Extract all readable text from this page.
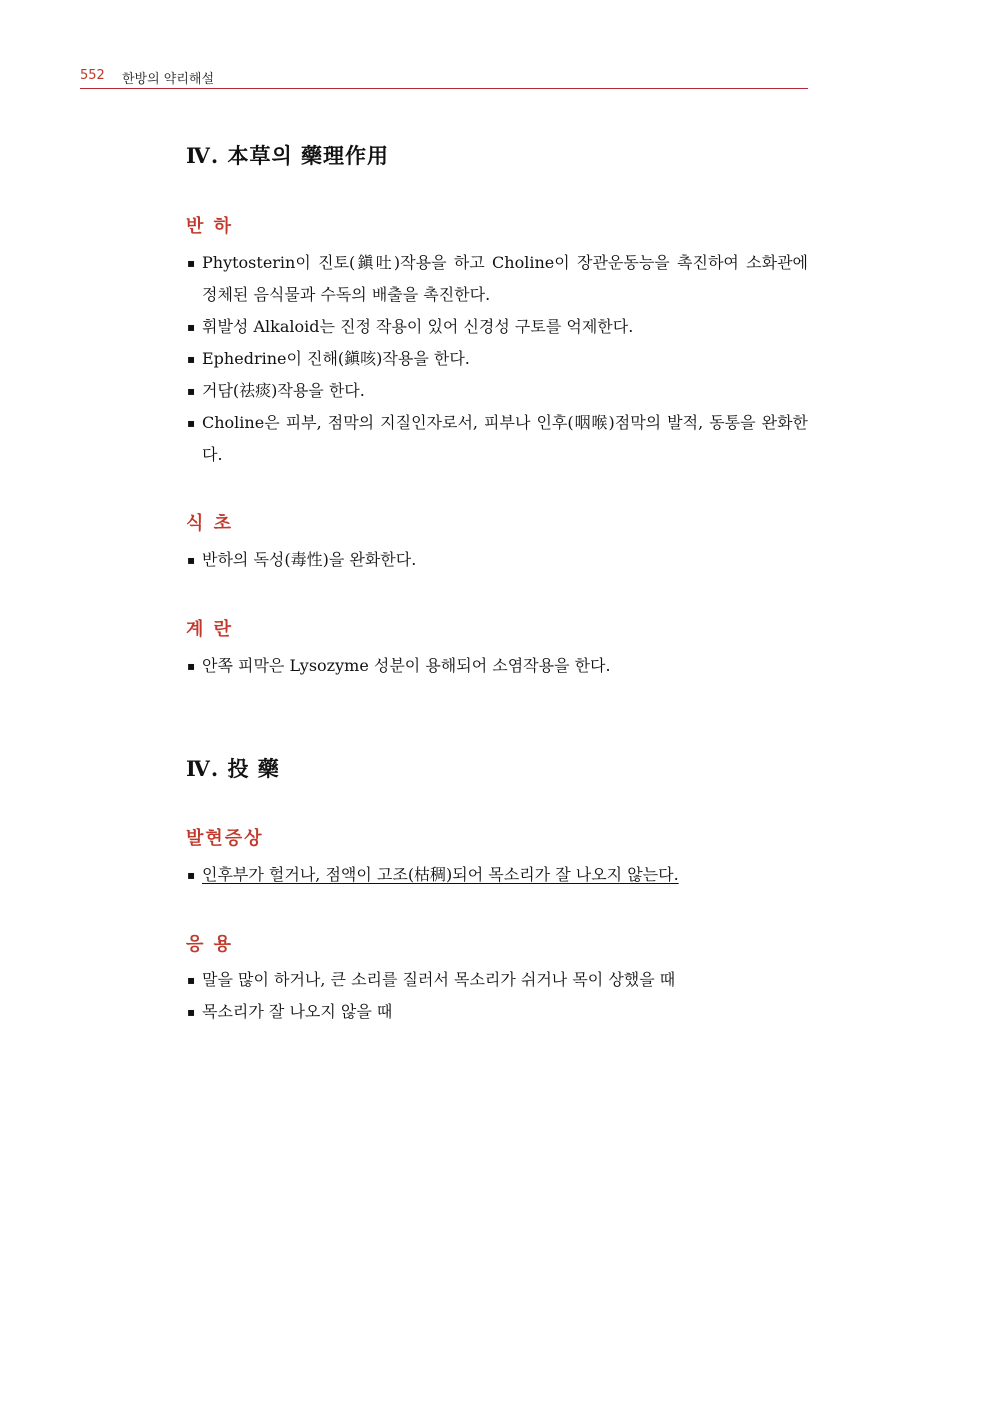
552 한방의 약리해설
Ⅳ. 本草의 藥理作用
반 하
▪ Phytosterin이 진토(鎭吐)작용을 하고 Choline이 장관운동능을 촉진하여 소화관에 정체된 음식물과 수독의 배출을 촉진한다.
▪ 휘발성 Alkaloid는 진정 작용이 있어 신경성 구토를 억제한다.
▪ Ephedrine이 진해(鎭咳)작용을 한다.
▪ 거담(祛痰)작용을 한다.
▪ Choline은 피부, 점막의 지질인자로서, 피부나 인후(咽喉)점막의 발적, 동통을 완화한다.
식 초
▪ 반하의 독성(毒性)을 완화한다.
계 란
▪ 안쪽 피막은 Lysozyme 성분이 용해되어 소염작용을 한다.
Ⅳ. 投 藥
발현증상
▪ 인후부가 헐거나, 점액이 고조(枯稠)되어 목소리가 잘 나오지 않는다.
응 용
▪ 말을 많이 하거나, 큰 소리를 질러서 목소리가 쉬거나 목이 상했을 때
▪ 목소리가 잘 나오지 않을 때
